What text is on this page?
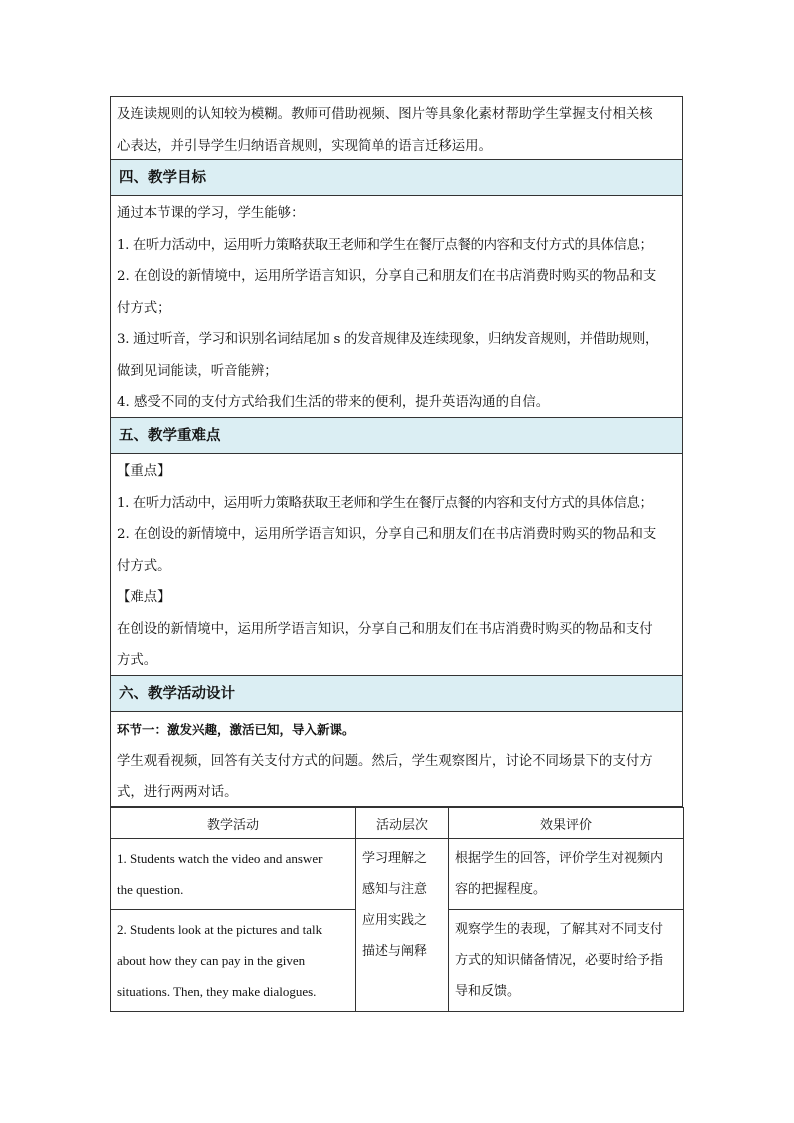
及连读规则的认知较为模糊。教师可借助视频、图片等具象化素材帮助学生掌握支付相关核
心表达，并引导学生归纳语音规则，实现简单的语言迁移运用。
四、教学目标
通过本节课的学习，学生能够：
1. 在听力活动中，运用听力策略获取王老师和学生在餐厅点餐的内容和支付方式的具体信息；
2. 在创设的新情境中，运用所学语言知识，分享自己和朋友们在书店消费时购买的物品和支
付方式；
3. 通过听音，学习和识别名词结尾加 s 的发音规律及连续现象，归纳发音规则，并借助规则，
做到见词能读，听音能辨；
4. 感受不同的支付方式给我们生活的带来的便利，提升英语沟通的自信。
五、教学重难点
【重点】
1. 在听力活动中，运用听力策略获取王老师和学生在餐厅点餐的内容和支付方式的具体信息；
2. 在创设的新情境中，运用所学语言知识，分享自己和朋友们在书店消费时购买的物品和支
付方式。
【难点】
在创设的新情境中，运用所学语言知识，分享自己和朋友们在书店消费时购买的物品和支付
方式。
六、教学活动设计
环节一：激发兴趣，激活已知，导入新课。
学生观看视频，回答有关支付方式的问题。然后，学生观察图片，讨论不同场景下的支付方
式，进行两两对话。
教学活动	活动层次	效果评价

1. Students watch the video and answer
the question.	学习理解之
感知与注意
应用实践之
描述与阐释	根据学生的回答，评价学生对视频内
容的把握程度。

2. Students look at the pictures and talk
about how they can pay in the given
situations. Then, they make dialogues.		观察学生的表现，了解其对不同支付
方式的知识储备情况，必要时给予指
导和反馈。
